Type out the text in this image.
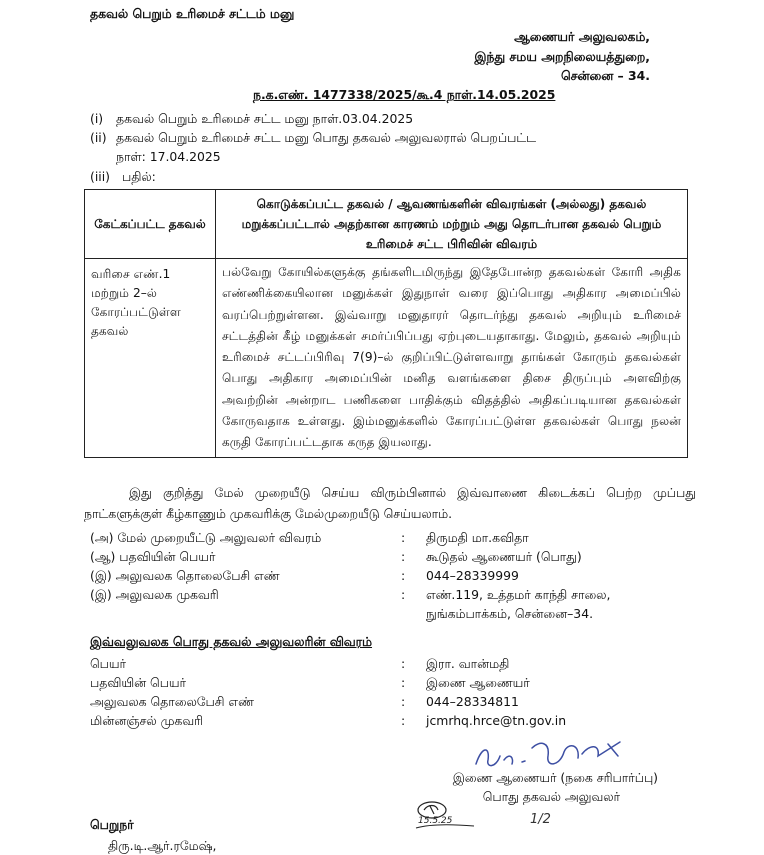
தகவல் பெறும் உரிமைச் சட்டம் மனு
ஆணையர் அலுவலகம்,
இந்து சமய அறநிலையத்துறை,
சென்னை – 34.
ந.க.எண். 1477338/2025/கூ.4 நாள்.14.05.2025
(i) தகவல் பெறும் உரிமைச் சட்ட மனு நாள்.03.04.2025
(ii) தகவல் பெறும் உரிமைச் சட்ட மனு பொது தகவல் அலுவலரால் பெறப்பட்ட
நாள்: 17.04.2025
(iii) பதில்:
கேட்கப்பட்ட தகவல்	கொடுக்கப்பட்ட தகவல் / ஆவணங்களின் விவரங்கள் (அல்லது) தகவல் மறுக்கப்பட்டால் அதற்கான காரணம் மற்றும் அது தொடர்பான தகவல் பெறும் உரிமைச் சட்ட பிரிவின் விவரம்
வரிசை எண்.1 மற்றும் 2–ல் கோரப்பட்டுள்ள தகவல்	பல்வேறு கோயில்களுக்கு தங்களிடமிருந்து இதேபோன்ற தகவல்கள் கோரி அதிக எண்ணிக்கையிலான மனுக்கள் இதுநாள் வரை இப்பொது அதிகார அமைப்பில் வரப்பெற்றுள்ளன. இவ்வாறு மனுதாரர் தொடர்ந்து தகவல் அறியும் உரிமைச் சட்டத்தின் கீழ் மனுக்கள் சமர்ப்பிப்பது ஏற்புடையதாகாது. மேலும், தகவல் அறியும் உரிமைச் சட்டப்பிரிவு 7(9)–ல் குறிப்பிட்டுள்ளவாறு தாங்கள் கோரும் தகவல்கள் பொது அதிகார அமைப்பின் மனித வளங்களை திசை திருப்பும் அளவிற்கு அவற்றின் அன்றாட பணிகளை பாதிக்கும் விதத்தில் அதிகப்படியான தகவல்கள் கோருவதாக உள்ளது. இம்மனுக்களில் கோரப்பட்டுள்ள தகவல்கள் பொது நலன் கருதி கோரப்பட்டதாக கருத இயலாது.
இது குறித்து மேல் முறையீடு செய்ய விரும்பினால் இவ்வாணை கிடைக்கப் பெற்ற முப்பது நாட்களுக்குள் கீழ்காணும் முகவரிக்கு மேல்முறையீடு செய்யலாம்.
(அ) மேல் முறையீட்டு அலுவலர் விவரம்	: திருமதி மா.கவிதா
(ஆ) பதவியின் பெயர்	: கூடுதல் ஆணையர் (பொது)
(இ) அலுவலக தொலைபேசி எண்	: 044–28339999
(இ) அலுவலக முகவரி	: எண்.119, உத்தமர் காந்தி சாலை,
நுங்கம்பாக்கம், சென்னை–34.
இவ்வலுவலக பொது தகவல் அலுவலரின் விவரம்
பெயர்	: இரா. வான்மதி
பதவியின் பெயர்	: இணை ஆணையர்
அலுவலக தொலைபேசி எண்	: 044–28334811
மின்னஞ்சல் முகவரி	: jcmrhq.hrce@tn.gov.in
இணை ஆணையர் (நகை சரிபார்ப்பு)
பொது தகவல் அலுவலர்
15.5.25	1/2
பெறுநர்
திரு.டி.ஆர்.ரமேஷ்,
